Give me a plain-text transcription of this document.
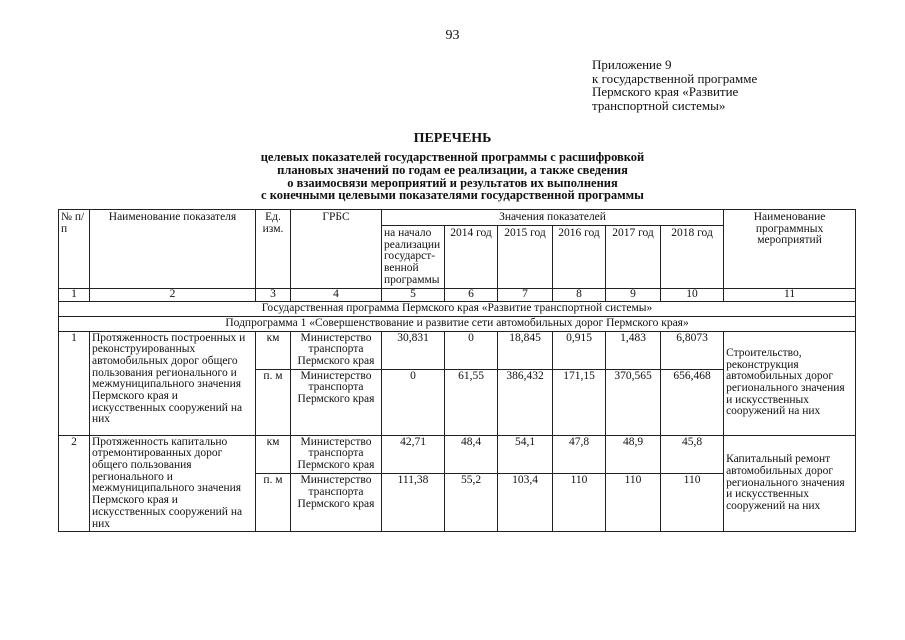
93
Приложение 9
к государственной программе
Пермского края «Развитие
транспортной системы»
ПЕРЕЧЕНЬ
целевых показателей государственной программы с расшифровкой
плановых значений по годам ее реализации, а также сведения
о взаимосвязи мероприятий и результатов их выполнения
с конечными целевыми показателями государственной программы
№ п/п	Наименование показателя	Ед. изм.	ГРБС	Значения показателей						Наименование программных мероприятий
				на начало реализации государст-венной программы	2014 год	2015 год	2016 год	2017 год	2018 год	
1	2	3	4	5	6	7	8	9	10	11
Государственная программа Пермского края «Развитие транспортной системы»										
Подпрограмма 1 «Совершенствование и развитие сети автомобильных дорог Пермского края»										
1	Протяженность построенных и реконструированных автомобильных дорог общего пользования регионального и межмуниципального значения Пермского края и искусственных сооружений на них	км	Министерство транспорта Пермского края	30,831	0	18,845	0,915	1,483	6,8073	Строительство, реконструкция автомобильных дорог регионального значения и искусственных сооружений на них
		п. м	Министерство транспорта Пермского края	0	61,55	386,432	171,15	370,565	656,468	
2	Протяженность капитально отремонтированных дорог общего пользования регионального и межмуниципального значения Пермского края и искусственных сооружений на них	км	Министерство транспорта Пермского края	42,71	48,4	54,1	47,8	48,9	45,8	Капитальный ремонт автомобильных дорог регионального значения и искусственных сооружений на них
		п. м	Министерство транспорта Пермского края	111,38	55,2	103,4	110	110	110	
